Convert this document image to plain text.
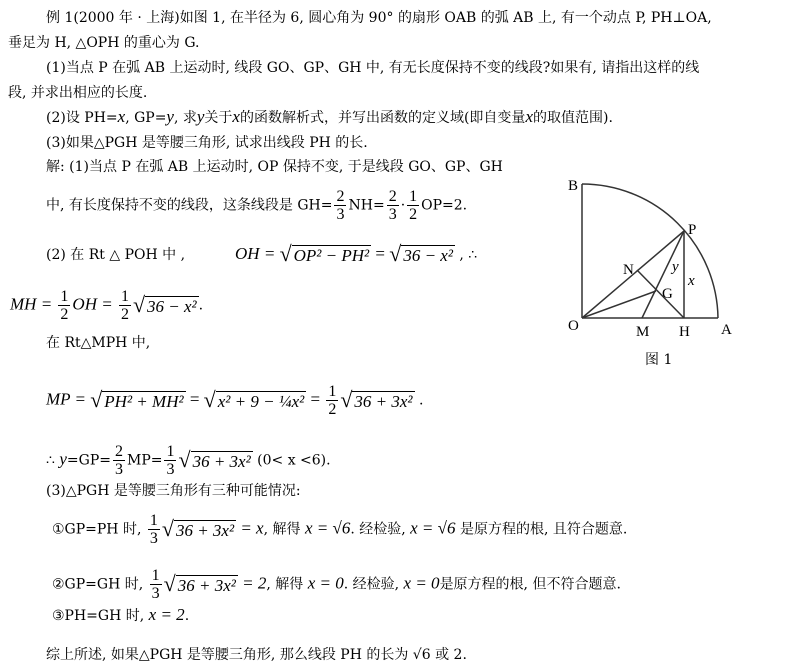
例 1(2000 年 · 上海)如图 1, 在半径为 6, 圆心角为 90° 的扇形 OAB 的弧 AB 上, 有一个动点 P, PH⊥OA,
垂足为 H, △OPH 的重心为 G.
(1)当点 P 在弧 AB 上运动时, 线段 GO、GP、GH 中, 有无长度保持不变的线段?如果有, 请指出这样的线
段, 并求出相应的长度.
(2)设 PH=x, GP=y, 求y关于x的函数解析式，并写出函数的定义域(即自变量x的取值范围).
(3)如果△PGH 是等腰三角形, 试求出线段 PH 的长.
解: (1)当点 P 在弧 AB 上运动时, OP 保持不变, 于是线段 GO、GP、GH
中, 有长度保持不变的线段，这条线段是 $GH= \frac{2}{3} NH= \frac{2}{3} \cdot \frac{1}{2} OP=2$.
(2) 在 Rt △ POH 中 ,	OH = √ OP² − PH² = √ 36 − x² , ∴
MH = $\frac{1}{2}$ OH = $\frac{1}{2}$ √ 36 − x² .
在 Rt△MPH 中,
MP = √ PH² + MH² = √ x² + 9 − ¼x² = $\frac{1}{2}$ √ 36 + 3x² .
∴ $y=GP= \frac{2}{3} MP= \frac{1}{3}$ √ 36 + 3x² (0< x <6).
(3)△PGH 是等腰三角形有三种可能情况:
①GP=PH 时, $\frac{1}{3}$ √ 36 + 3x² = x, 解得 x = √6. 经检验, x = √6 是原方程的根, 且符合题意.
②GP=GH 时, $\frac{1}{3}$ √ 36 + 3x² = 2, 解得 x = 0. 经检验, x = 0是原方程的根, 但不符合题意.
③PH=GH 时, x = 2.
综上所述, 如果△PGH 是等腰三角形, 那么线段 PH 的长为 √6 或 2.
B
P
N
G
y
x
O	M H A
图 1
